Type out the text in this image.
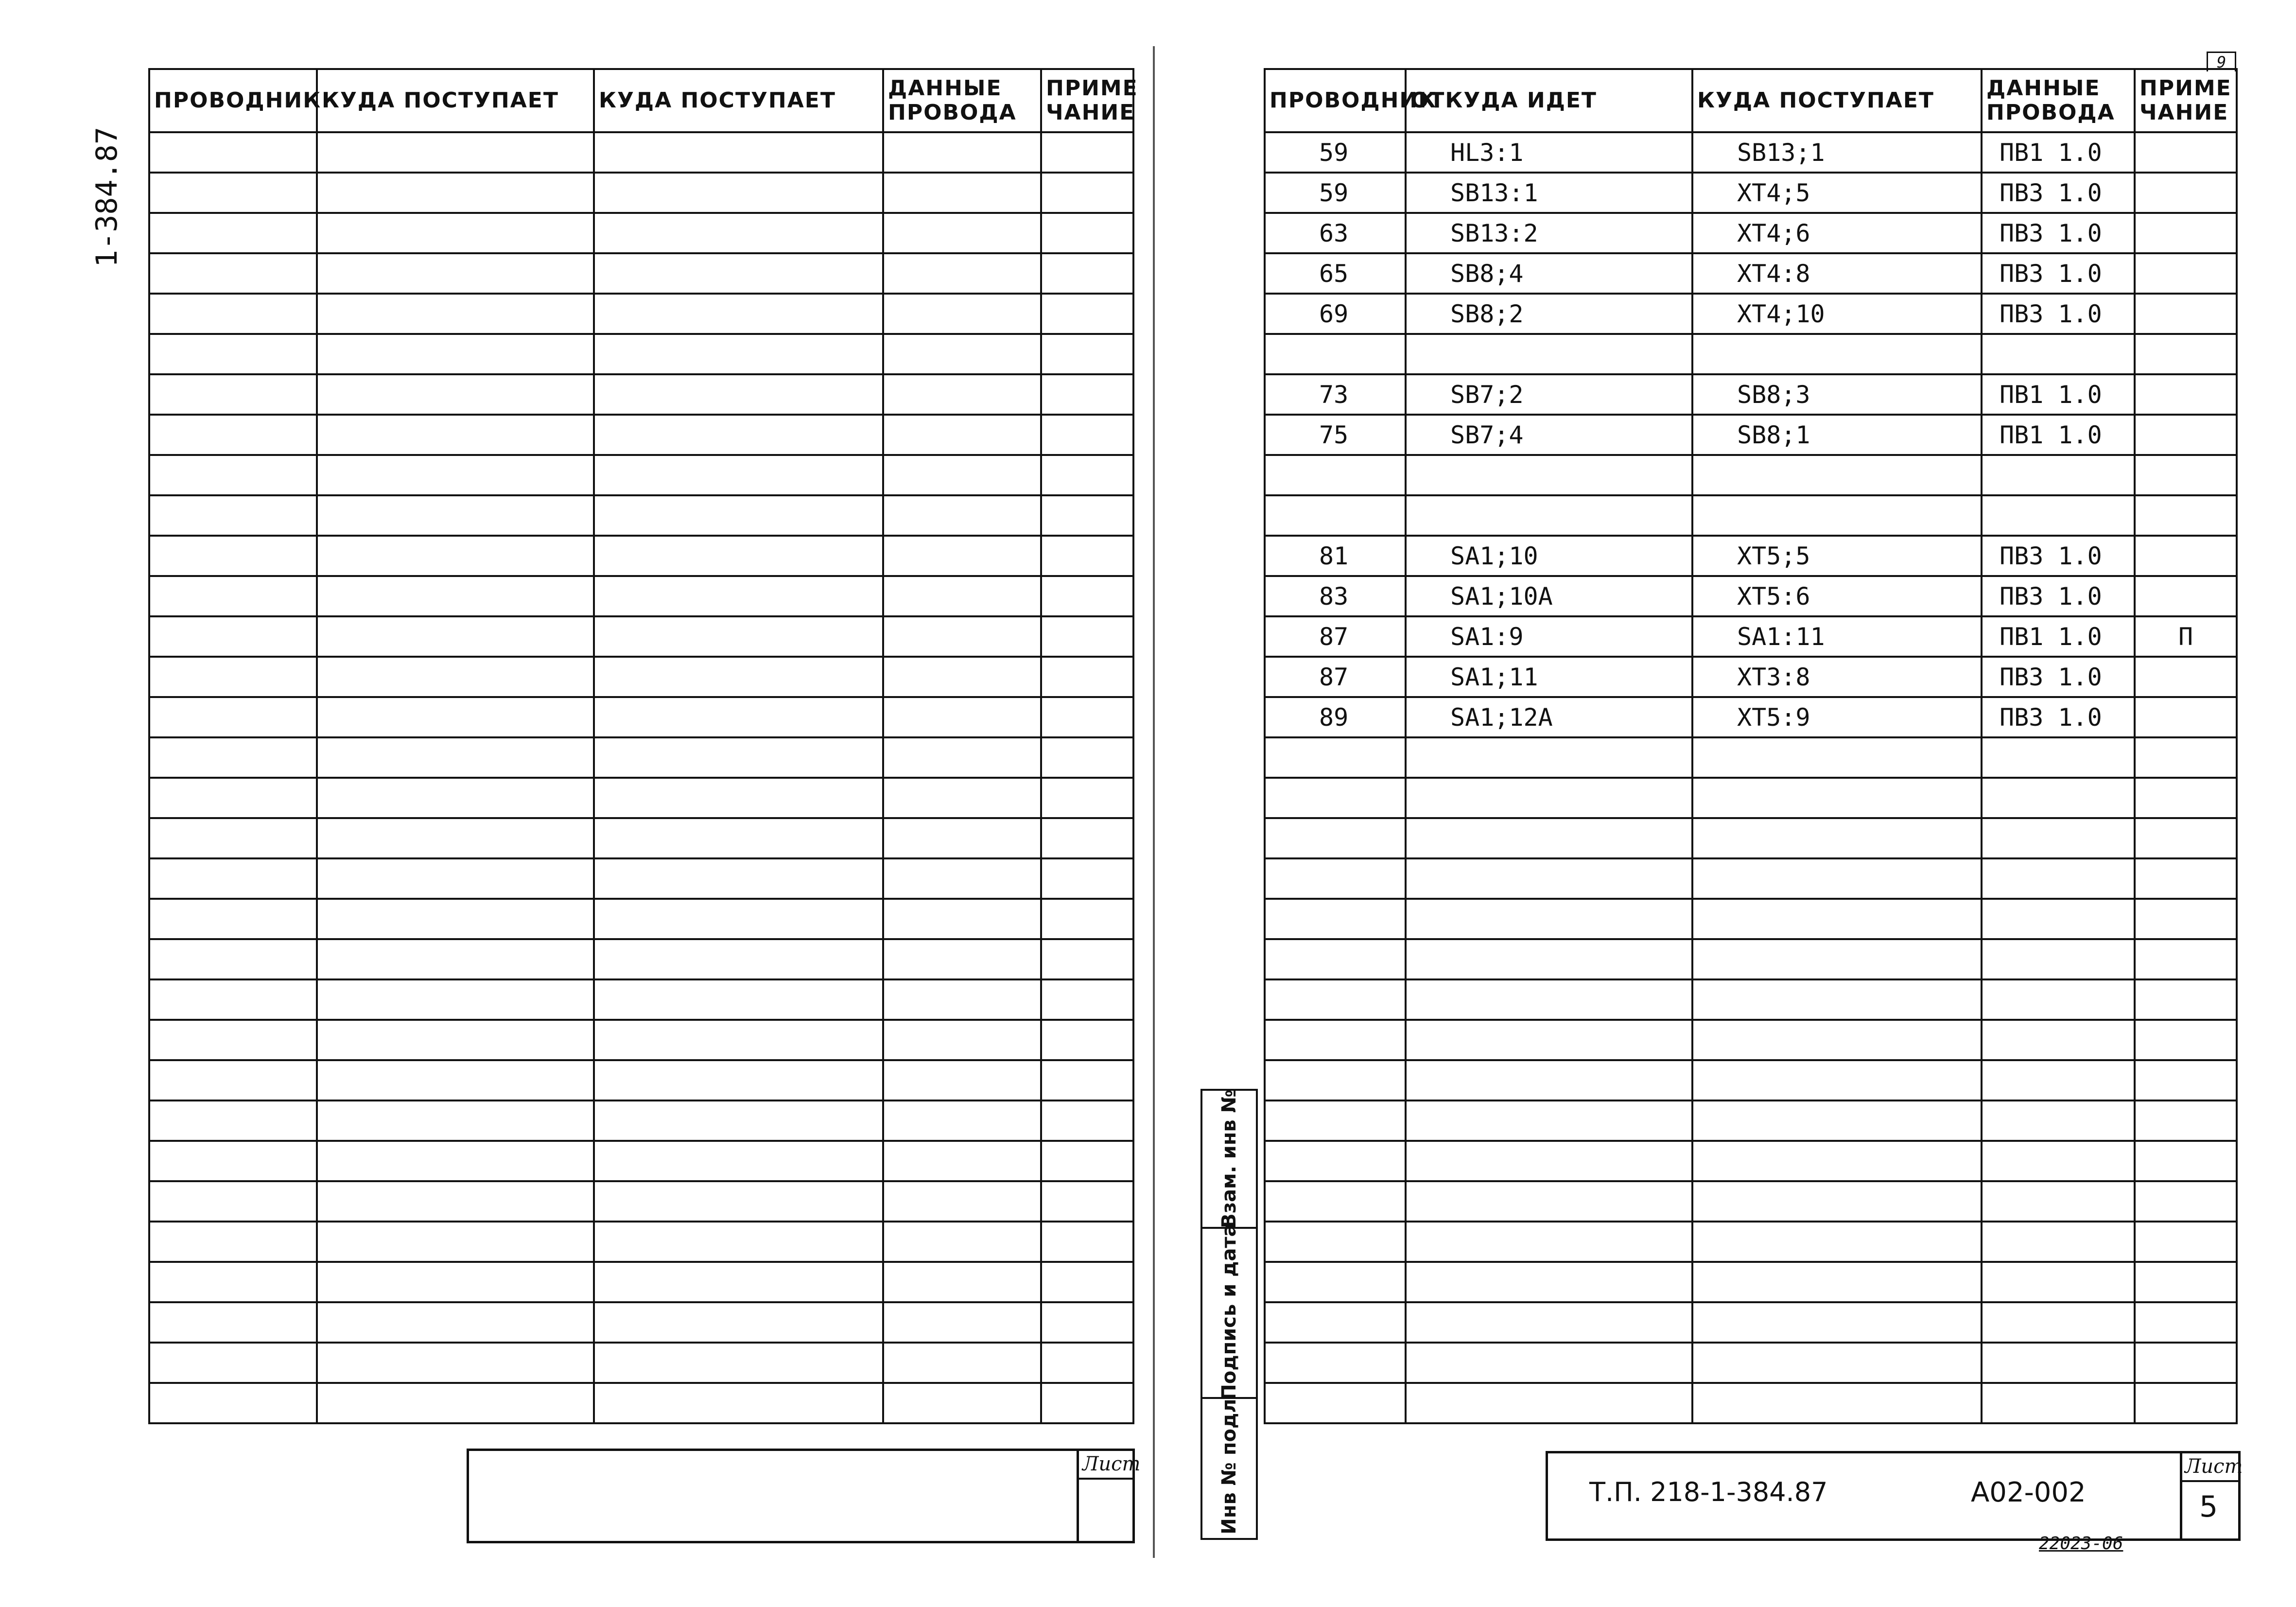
1-384.87
ПРОВОДНИК	КУДА ПОСТУПАЕТ	КУДА ПОСТУПАЕТ	ДАННЫЕ ПРОВОДА	ПРИМЕ ЧАНИЕ

Лист
9
ПРОВОДНИК	ОТКУДА ИДЕТ	КУДА ПОСТУПАЕТ	ДАННЫЕ ПРОВОДА	ПРИМЕ ЧАНИЕ
59	HL3:1	SB13;1	ПВ1 1.0	
59	SB13:1	XT4;5	ПВ3 1.0	
63	SB13:2	XT4;6	ПВ3 1.0	
65	SB8;4	XT4:8	ПВ3 1.0	
69	SB8;2	XT4;10	ПВ3 1.0	

73	SB7;2	SB8;3	ПВ1 1.0	
75	SB7;4	SB8;1	ПВ1 1.0	

81	SA1;10	XT5;5	ПВ3 1.0	
83	SA1;10A	XT5:6	ПВ3 1.0	
87	SA1:9	SA1:11	ПВ1 1.0	П
87	SA1;11	XT3:8	ПВ3 1.0	
89	SA1;12A	XT5:9	ПВ3 1.0	

Взам. инв №
Подпись и дата
Инв № подл	Т.П. 218-1-384.87	А02-002
Лист
5
22023-06
